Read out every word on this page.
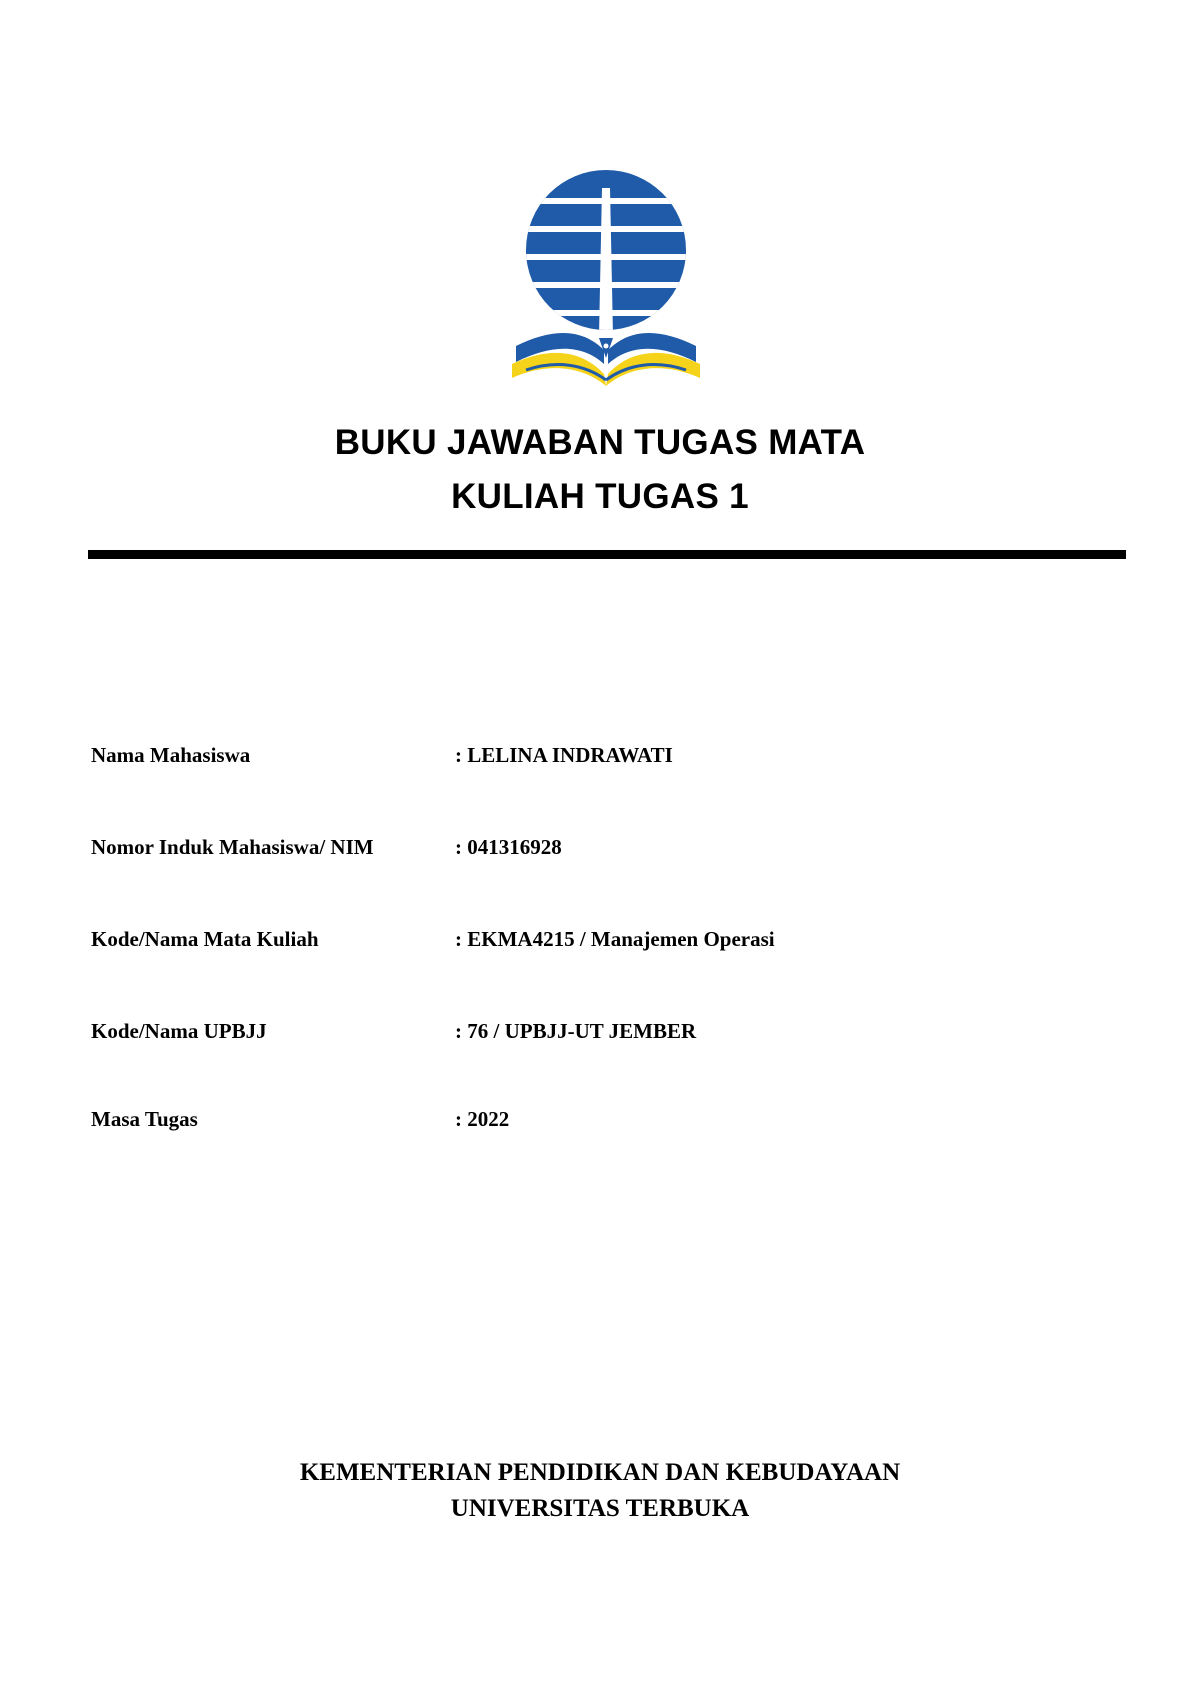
BUKU JAWABAN TUGAS MATA
KULIAH TUGAS 1
Nama Mahasiswa	: LELINA INDRAWATI
Nomor Induk Mahasiswa/ NIM	: 041316928
Kode/Nama Mata Kuliah	: EKMA4215 / Manajemen Operasi
Kode/Nama UPBJJ	: 76 / UPBJJ-UT JEMBER
Masa Tugas	: 2022
KEMENTERIAN PENDIDIKAN DAN KEBUDAYAAN
UNIVERSITAS TERBUKA
